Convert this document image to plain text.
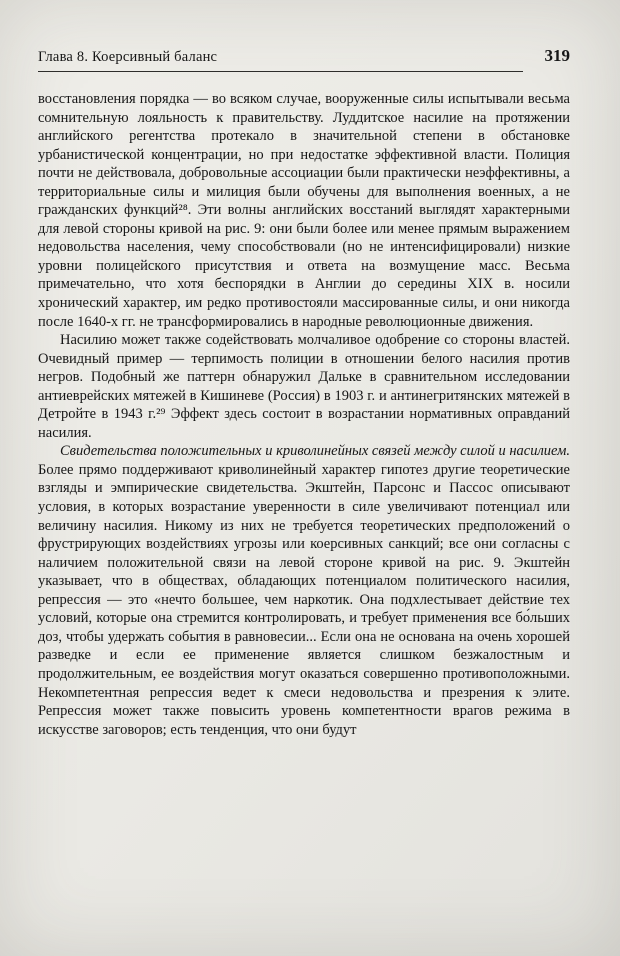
Глава 8. Коерсивный баланс	319

восстановления порядка — во всяком случае, вооруженные силы испытывали весьма сомнительную лояльность к правительству. Луддитское насилие на протяжении английского регентства протекало в значительной степени в обстановке урбанистической концентрации, но при недостатке эффективной власти. Полиция почти не действовала, добровольные ассоциации были практически неэффективны, а территориальные силы и милиция были обучены для выполнения военных, а не гражданских функций²⁸. Эти волны английских восстаний выглядят характерными для левой стороны кривой на рис. 9: они были более или менее прямым выражением недовольства населения, чему способствовали (но не интенсифицировали) низкие уровни полицейского присутствия и ответа на возмущение масс. Весьма примечательно, что хотя беспорядки в Англии до середины XIX в. носили хронический характер, им редко противостояли массированные силы, и они никогда после 1640-х гг. не трансформировались в народные революционные движения.

Насилию может также содействовать молчаливое одобрение со стороны властей. Очевидный пример — терпимость полиции в отношении белого насилия против негров. Подобный же паттерн обнаружил Дальке в сравнительном исследовании антиеврейских мятежей в Кишиневе (Россия) в 1903 г. и антинегритянских мятежей в Детройте в 1943 г.²⁹ Эффект здесь состоит в возрастании нормативных оправданий насилия.

Свидетельства положительных и криволинейных связей между силой и насилием. Более прямо поддерживают криволинейный характер гипотез другие теоретические взгляды и эмпирические свидетельства. Экштейн, Парсонс и Пассос описывают условия, в которых возрастание уверенности в силе увеличивают потенциал или величину насилия. Никому из них не требуется теоретических предположений о фрустрирующих воздействиях угрозы или коерсивных санкций; все они согласны с наличием положительной связи на левой стороне кривой на рис. 9. Экштейн указывает, что в обществах, обладающих потенциалом политического насилия, репрессия — это «нечто большее, чем наркотик. Она подхлестывает действие тех условий, которые она стремится контролировать, и требует применения все бо́льших доз, чтобы удержать события в равновесии... Если она не основана на очень хорошей разведке и если ее применение является слишком безжалостным и продолжительным, ее воздействия могут оказаться совершенно противоположными. Некомпетентная репрессия ведет к смеси недовольства и презрения к элите. Репрессия может также повысить уровень компетентности врагов режима в искусстве заговоров; есть тенденция, что они будут
